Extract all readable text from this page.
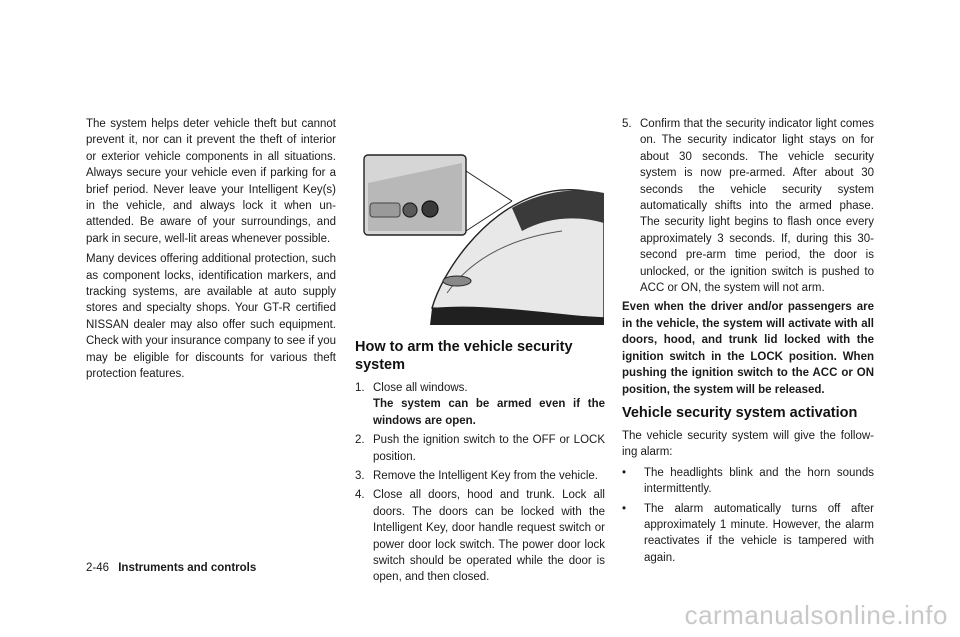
The system helps deter vehicle theft but cannot prevent it, nor can it prevent the theft of interior or exterior vehicle components in all situations. Always secure your vehicle even if parking for a brief period. Never leave your Intelligent Key(s) in the vehicle, and always lock it when un-attended. Be aware of your surroundings, and park in secure, well-lit areas whenever possible.

Many devices offering additional protection, such as component locks, identification markers, and tracking systems, are available at auto supply stores and specialty shops. Your GT-R certified NISSAN dealer may also offer such equipment. Check with your insurance company to see if you may be eligible for discounts for various theft protection features.

How to arm the vehicle security system
1. Close all windows.
The system can be armed even if the windows are open.
2. Push the ignition switch to the OFF or LOCK position.
3. Remove the Intelligent Key from the vehicle.
4. Close all doors, hood and trunk. Lock all doors. The doors can be locked with the Intelligent Key, door handle request switch or power door lock switch. The power door lock switch should be operated while the door is open, and then closed.
5. Confirm that the security indicator light comes on. The security indicator light stays on for about 30 seconds. The vehicle security system is now pre-armed. After about 30 seconds the vehicle security system automatically shifts into the armed phase. The security light begins to flash once every approximately 3 seconds. If, during this 30-second pre-arm time period, the door is unlocked, or the ignition switch is pushed to ACC or ON, the system will not arm.

Even when the driver and/or passengers are in the vehicle, the system will activate with all doors, hood, and trunk lid locked with the ignition switch in the LOCK position. When pushing the ignition switch to the ACC or ON position, the system will be released.

Vehicle security system activation

The vehicle security system will give the follow-ing alarm:

•	The headlights blink and the horn sounds intermittently.
•	The alarm automatically turns off after approximately 1 minute. However, the alarm reactivates if the vehicle is tampered with again.
2-46 Instruments and controls
carmanualsonline.info
